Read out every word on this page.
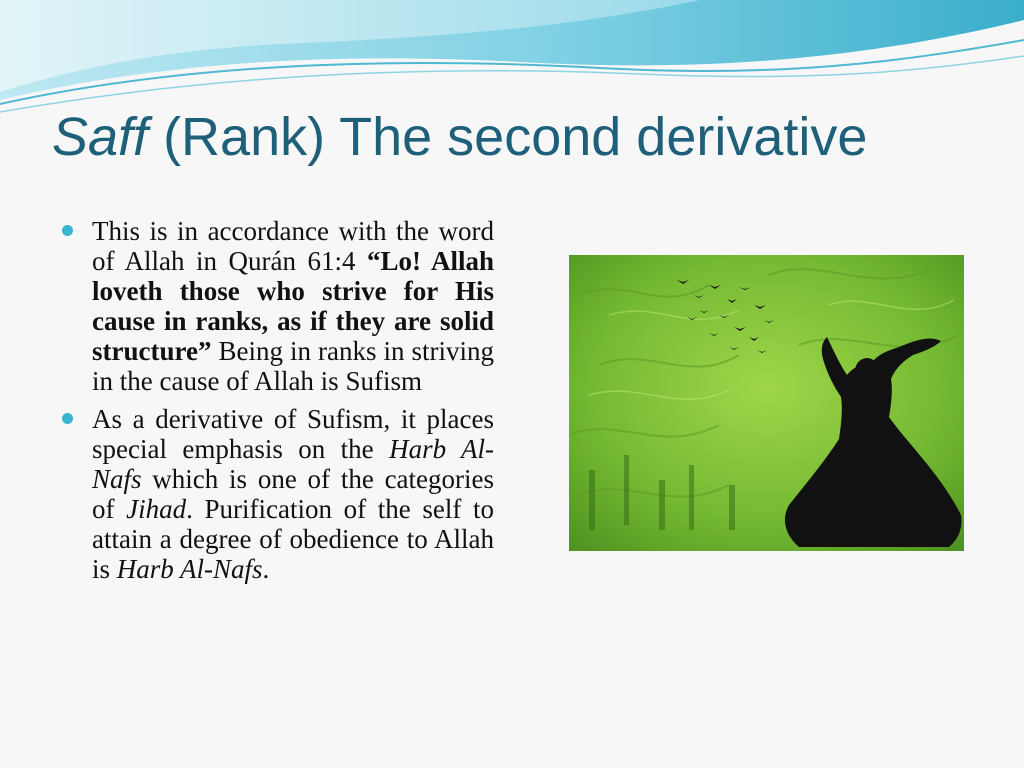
Saff (Rank) The second derivative
This is in accordance with the word of Allah in Qurán 61:4 “Lo! Allah loveth those who strive for His cause in ranks, as if they are solid structure” Being in ranks in striving in the cause of Allah is Sufism
As a derivative of Sufism, it places special emphasis on the Harb Al-Nafs which is one of the categories of Jihad. Purification of the self to attain a degree of obedience to Allah is Harb Al-Nafs.
